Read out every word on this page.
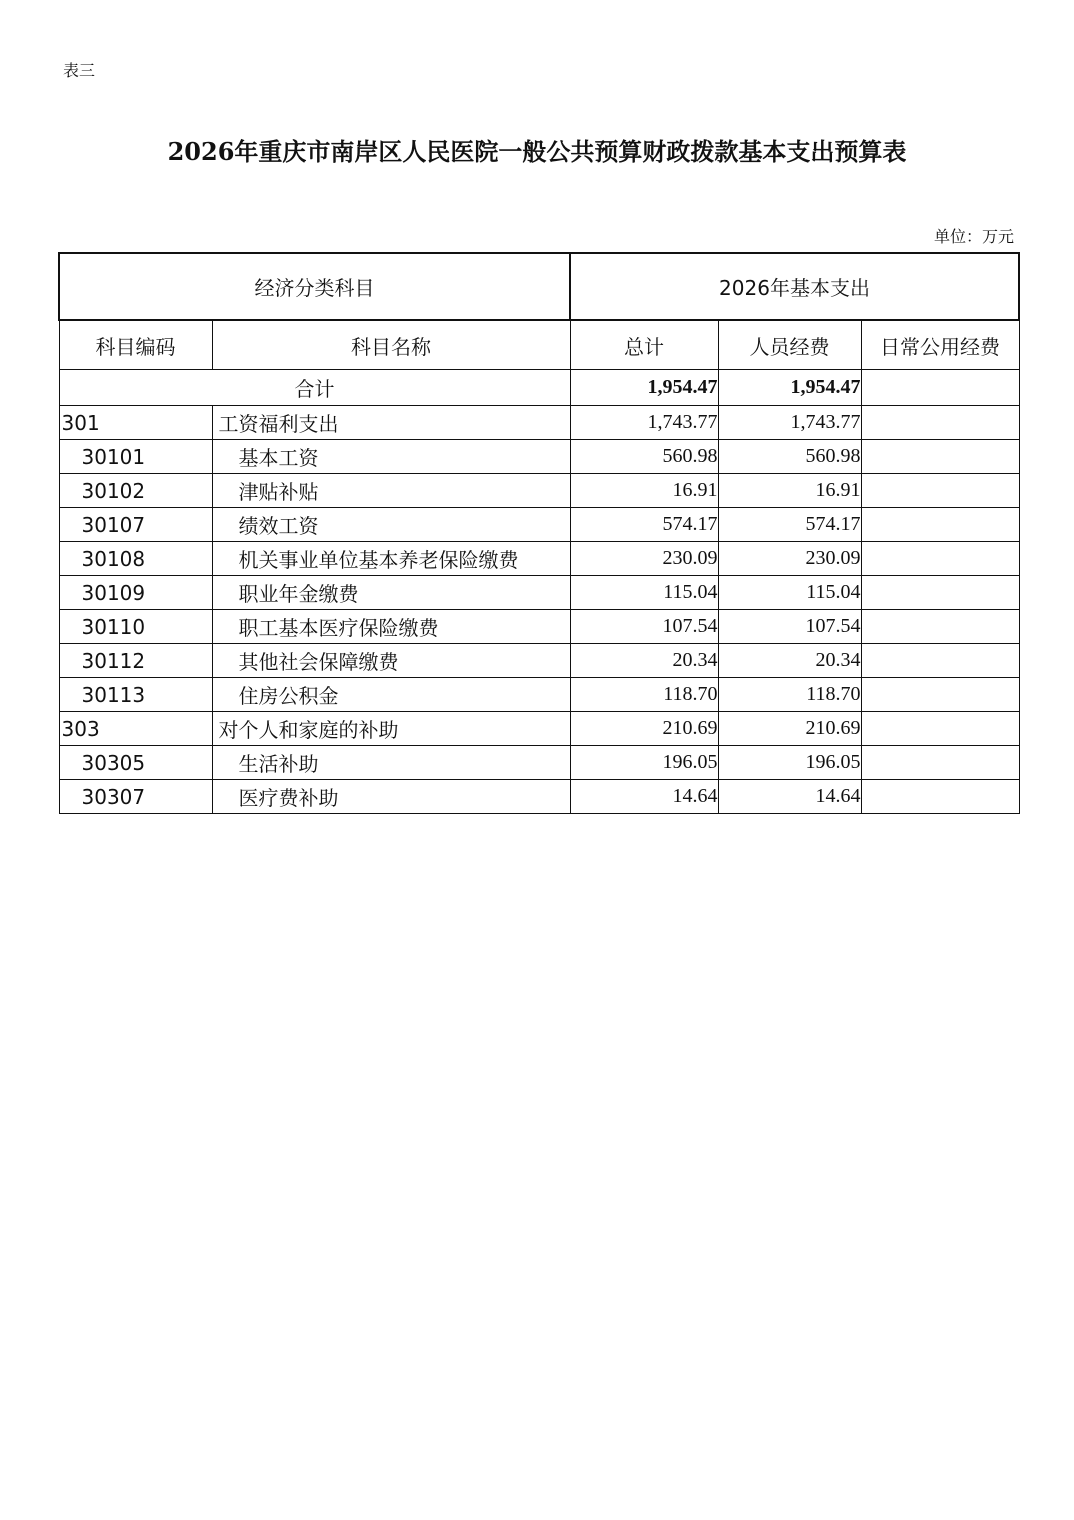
表三
2026年重庆市南岸区人民医院一般公共预算财政拨款基本支出预算表
单位：万元
经济分类科目		2026年基本支出		
科目编码	科目名称	总计	人员经费	日常公用经费
合计		1,954.47	1,954.47	
301	工资福利支出	1,743.77	1,743.77	
30101	基本工资	560.98	560.98	
30102	津贴补贴	16.91	16.91	
30107	绩效工资	574.17	574.17	
30108	机关事业单位基本养老保险缴费	230.09	230.09	
30109	职业年金缴费	115.04	115.04	
30110	职工基本医疗保险缴费	107.54	107.54	
30112	其他社会保障缴费	20.34	20.34	
30113	住房公积金	118.70	118.70	
303	对个人和家庭的补助	210.69	210.69	
30305	生活补助	196.05	196.05	
30307	医疗费补助	14.64	14.64	
